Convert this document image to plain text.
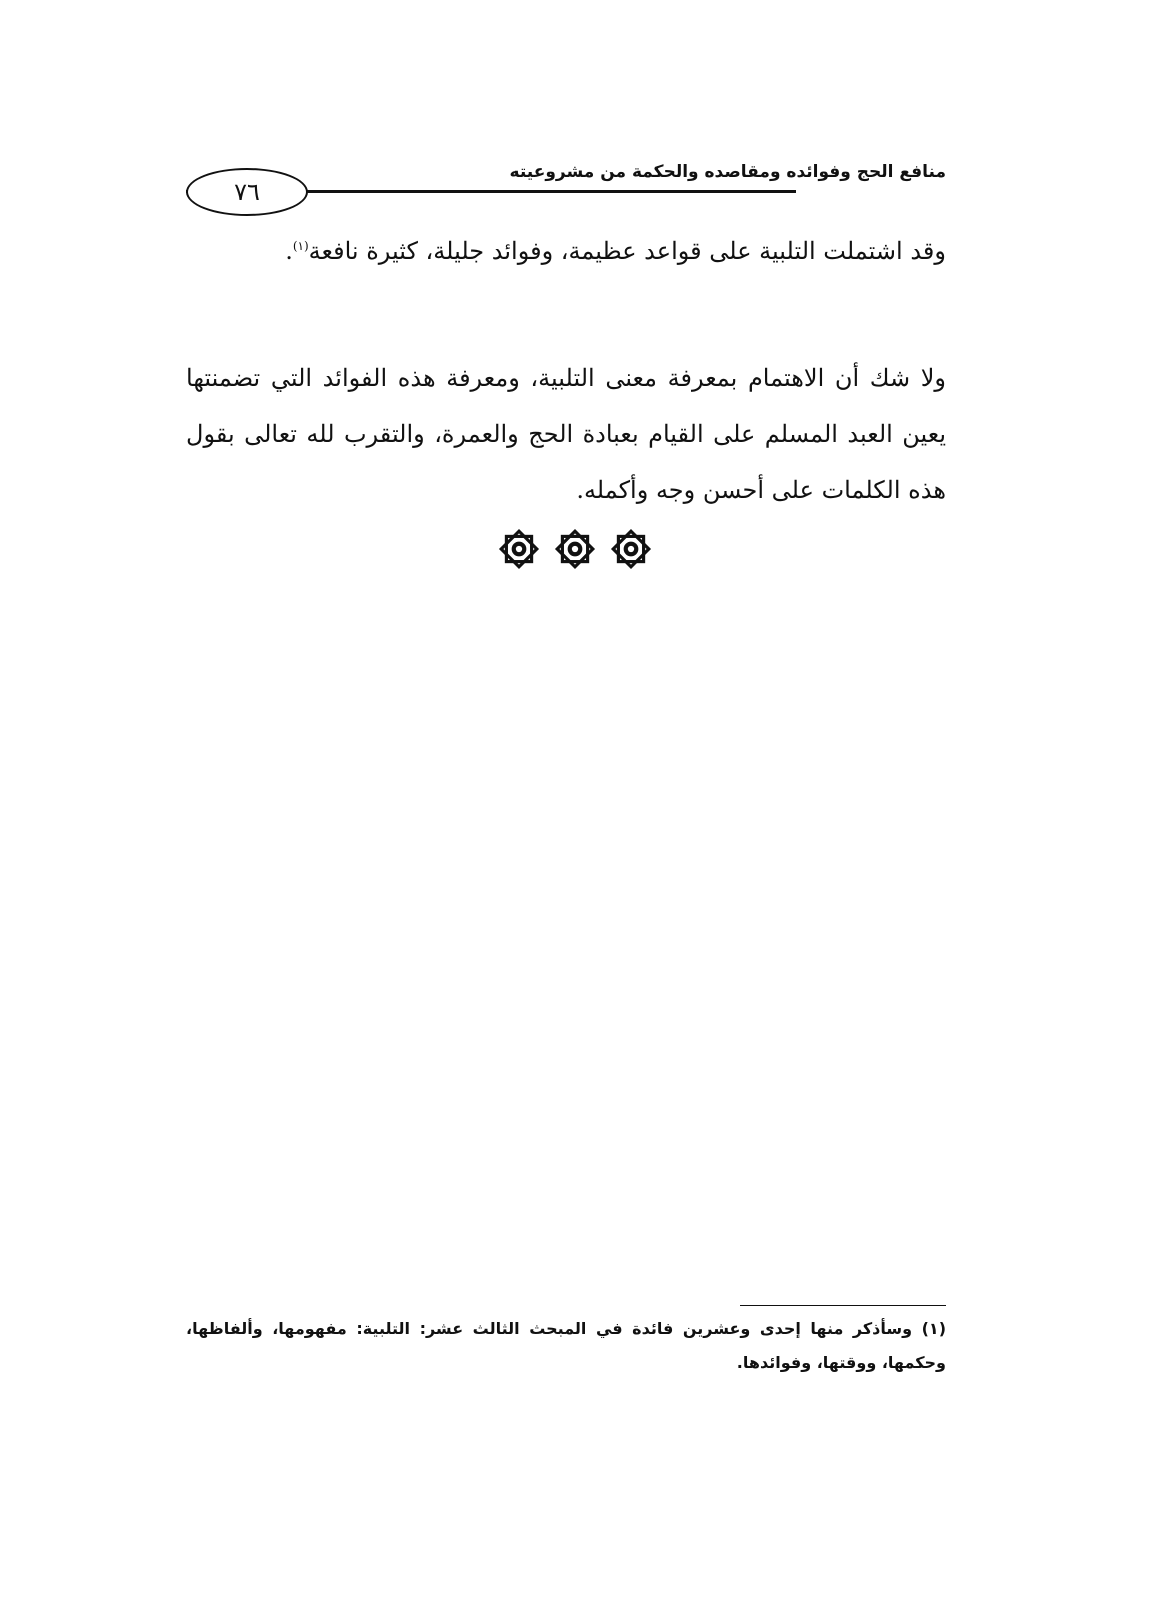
منافع الحج وفوائده ومقاصده والحكمة من مشروعيته
٧٦

وقد اشتملت التلبية على قواعد عظيمة، وفوائد جليلة، كثيرة نافعة$^{(١)}$.

ولا شك أن الاهتمام بمعرفة معنى التلبية، ومعرفة هذه الفوائد التي تضمنتها يعين العبد المسلم على القيام بعبادة الحج والعمرة، والتقرب لله تعالى بقول هذه الكلمات على أحسن وجه وأكمله.

(١) وسأذكر منها إحدى وعشرين فائدة في المبحث الثالث عشر: التلبية: مفهومها، وألفاظها، وحكمها، ووقتها، وفوائدها.
